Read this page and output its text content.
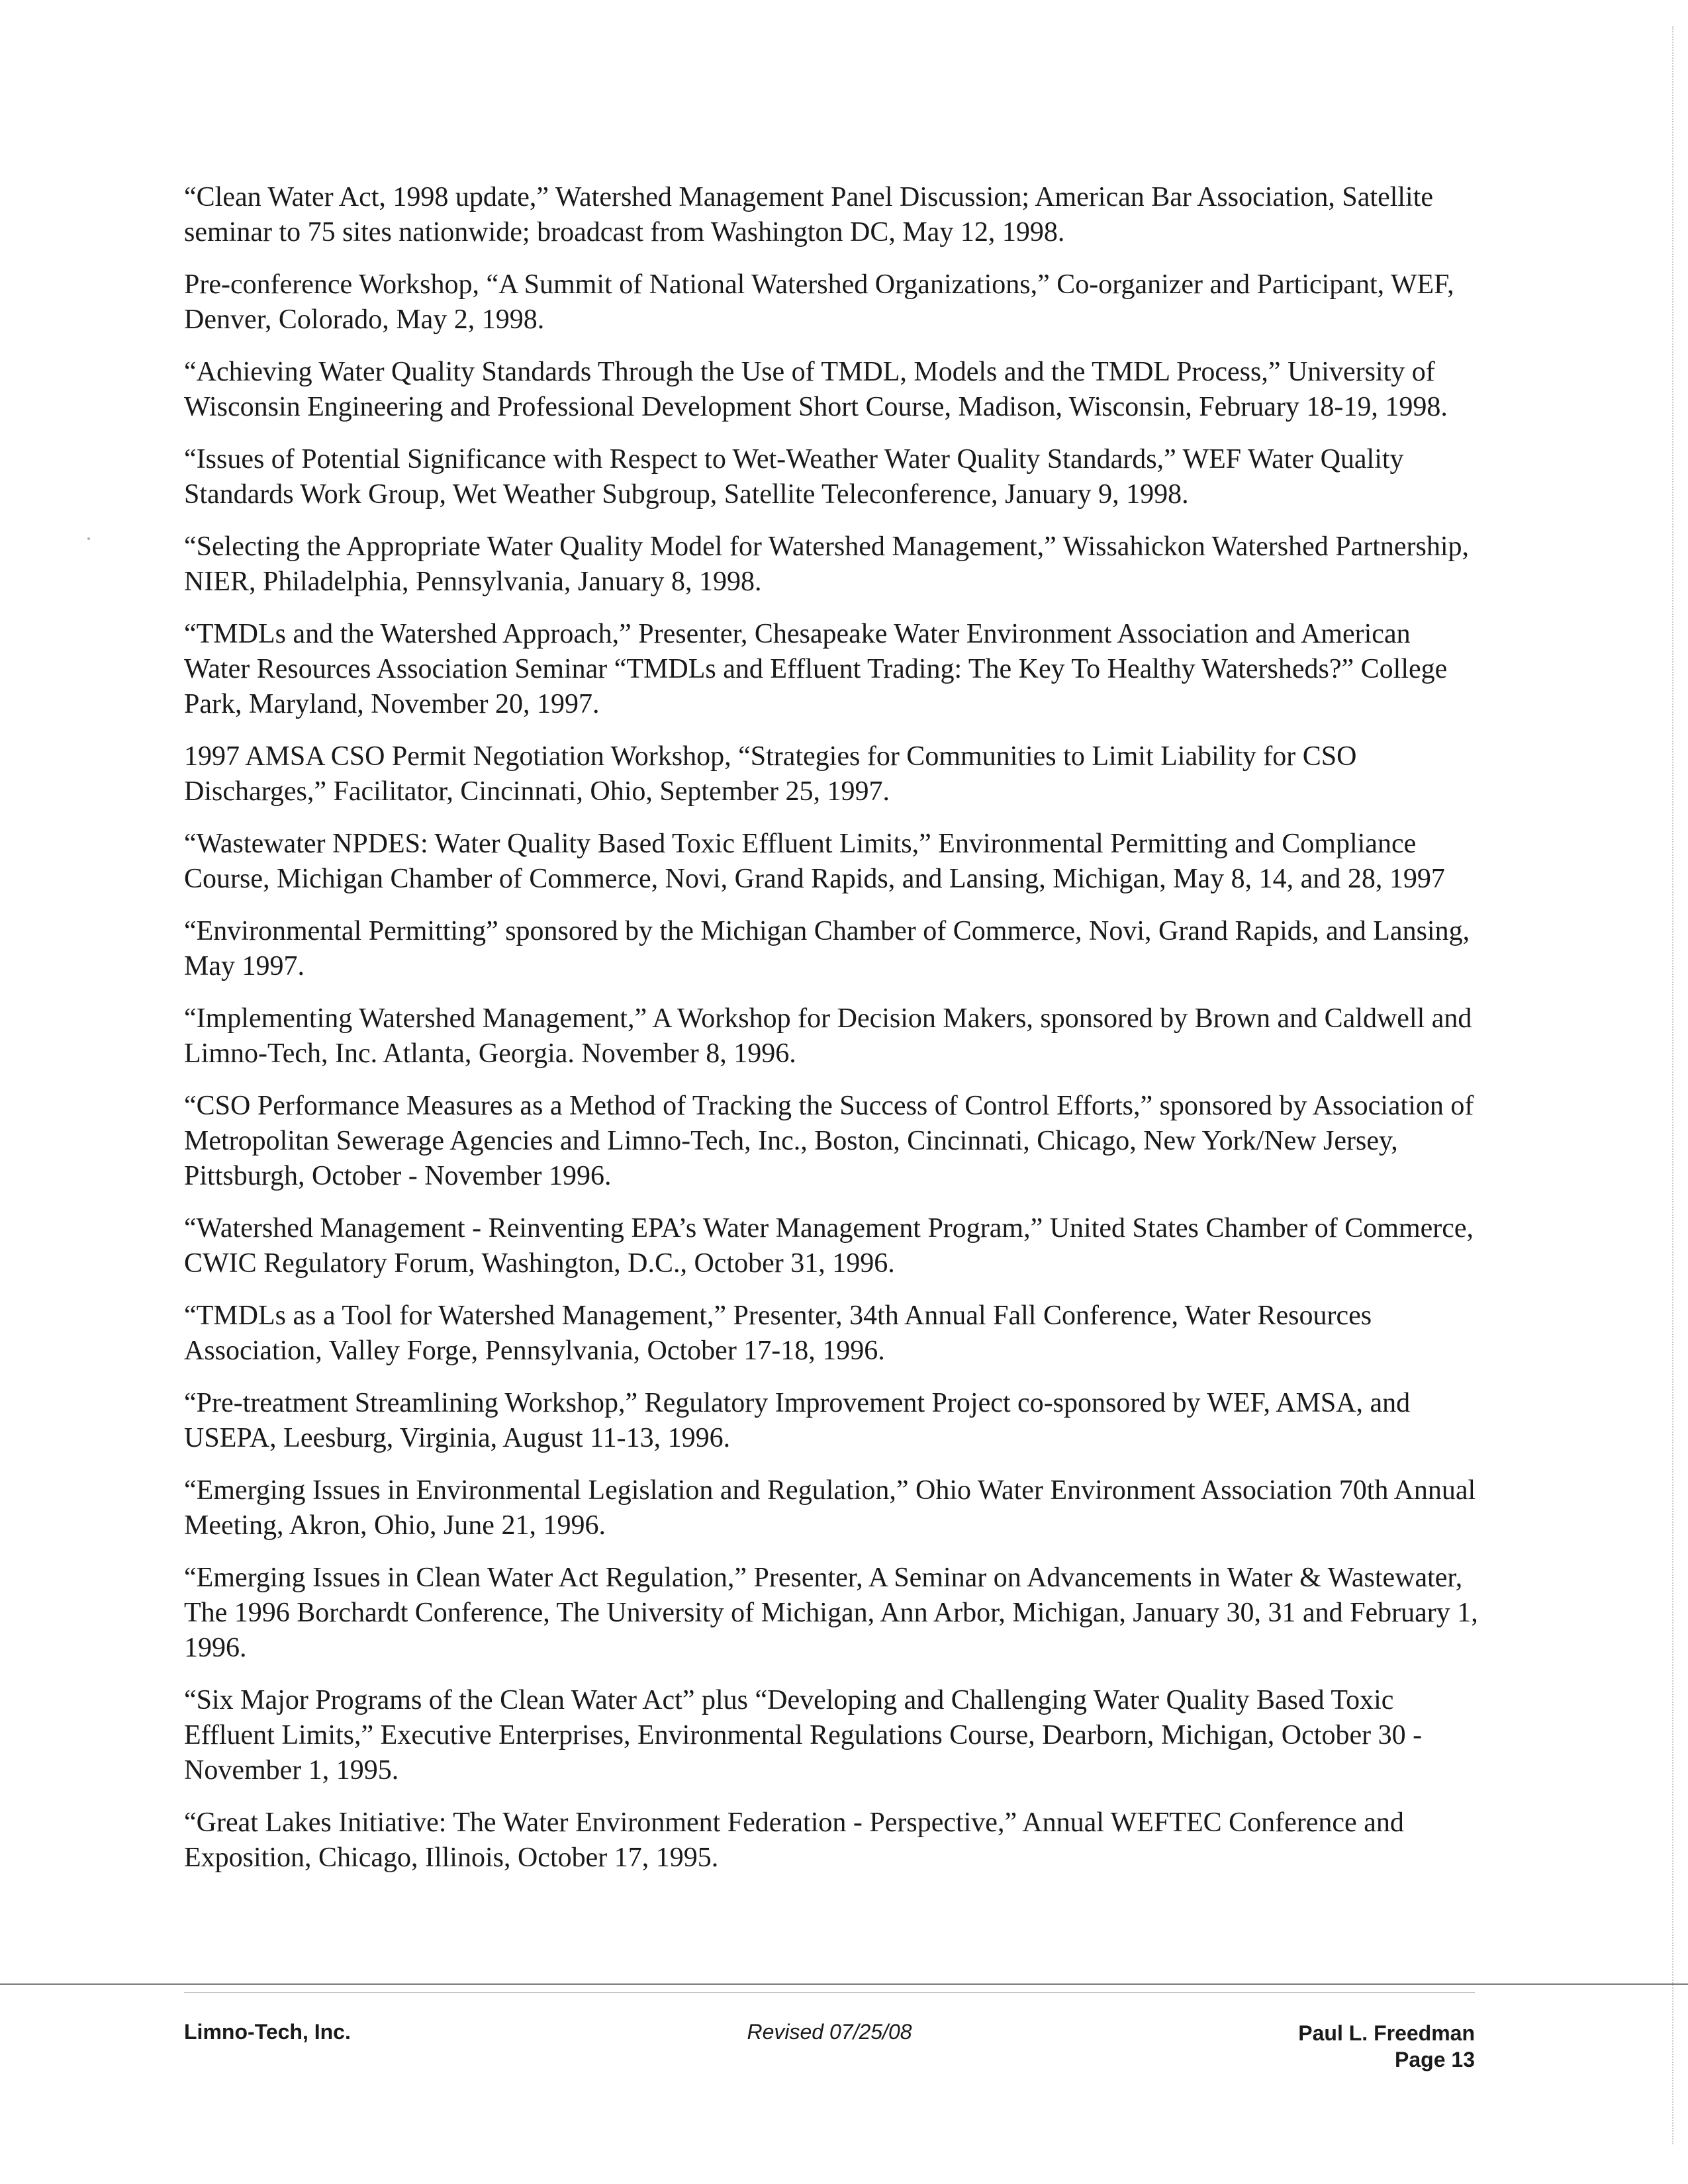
“Clean Water Act, 1998 update,” Watershed Management Panel Discussion; American Bar Association, Satellite seminar to 75 sites nationwide; broadcast from Washington DC, May 12, 1998.

Pre-conference Workshop, “A Summit of National Watershed Organizations,” Co-organizer and Participant, WEF, Denver, Colorado, May 2, 1998.

“Achieving Water Quality Standards Through the Use of TMDL, Models and the TMDL Process,” University of Wisconsin Engineering and Professional Development Short Course, Madison, Wisconsin, February 18-19, 1998.

“Issues of Potential Significance with Respect to Wet-Weather Water Quality Standards,” WEF Water Quality Standards Work Group, Wet Weather Subgroup, Satellite Teleconference, January 9, 1998.

“Selecting the Appropriate Water Quality Model for Watershed Management,” Wissahickon Watershed Partnership, NIER, Philadelphia, Pennsylvania, January 8, 1998.

“TMDLs and the Watershed Approach,” Presenter, Chesapeake Water Environment Association and American Water Resources Association Seminar “TMDLs and Effluent Trading: The Key To Healthy Watersheds?” College Park, Maryland, November 20, 1997.

1997 AMSA CSO Permit Negotiation Workshop, “Strategies for Communities to Limit Liability for CSO Discharges,” Facilitator, Cincinnati, Ohio, September 25, 1997.

“Wastewater NPDES: Water Quality Based Toxic Effluent Limits,” Environmental Permitting and Compliance Course, Michigan Chamber of Commerce, Novi, Grand Rapids, and Lansing, Michigan, May 8, 14, and 28, 1997

“Environmental Permitting” sponsored by the Michigan Chamber of Commerce, Novi, Grand Rapids, and Lansing, May 1997.

“Implementing Watershed Management,” A Workshop for Decision Makers, sponsored by Brown and Caldwell and Limno-Tech, Inc. Atlanta, Georgia. November 8, 1996.

“CSO Performance Measures as a Method of Tracking the Success of Control Efforts,” sponsored by Association of Metropolitan Sewerage Agencies and Limno-Tech, Inc., Boston, Cincinnati, Chicago, New York/New Jersey, Pittsburgh, October - November 1996.

“Watershed Management - Reinventing EPA’s Water Management Program,” United States Chamber of Commerce, CWIC Regulatory Forum, Washington, D.C., October 31, 1996.

“TMDLs as a Tool for Watershed Management,” Presenter, 34th Annual Fall Conference, Water Resources Association, Valley Forge, Pennsylvania, October 17-18, 1996.

“Pre-treatment Streamlining Workshop,” Regulatory Improvement Project co-sponsored by WEF, AMSA, and USEPA, Leesburg, Virginia, August 11-13, 1996.

“Emerging Issues in Environmental Legislation and Regulation,” Ohio Water Environment Association 70th Annual Meeting, Akron, Ohio, June 21, 1996.

“Emerging Issues in Clean Water Act Regulation,” Presenter, A Seminar on Advancements in Water & Wastewater, The 1996 Borchardt Conference, The University of Michigan, Ann Arbor, Michigan, January 30, 31 and February 1, 1996.

“Six Major Programs of the Clean Water Act” plus “Developing and Challenging Water Quality Based Toxic Effluent Limits,” Executive Enterprises, Environmental Regulations Course, Dearborn, Michigan, October 30 - November 1, 1995.

“Great Lakes Initiative: The Water Environment Federation - Perspective,” Annual WEFTEC Conference and Exposition, Chicago, Illinois, October 17, 1995.

Limno-Tech, Inc.	Revised 07/25/08	Paul L. Freedman
Page 13
